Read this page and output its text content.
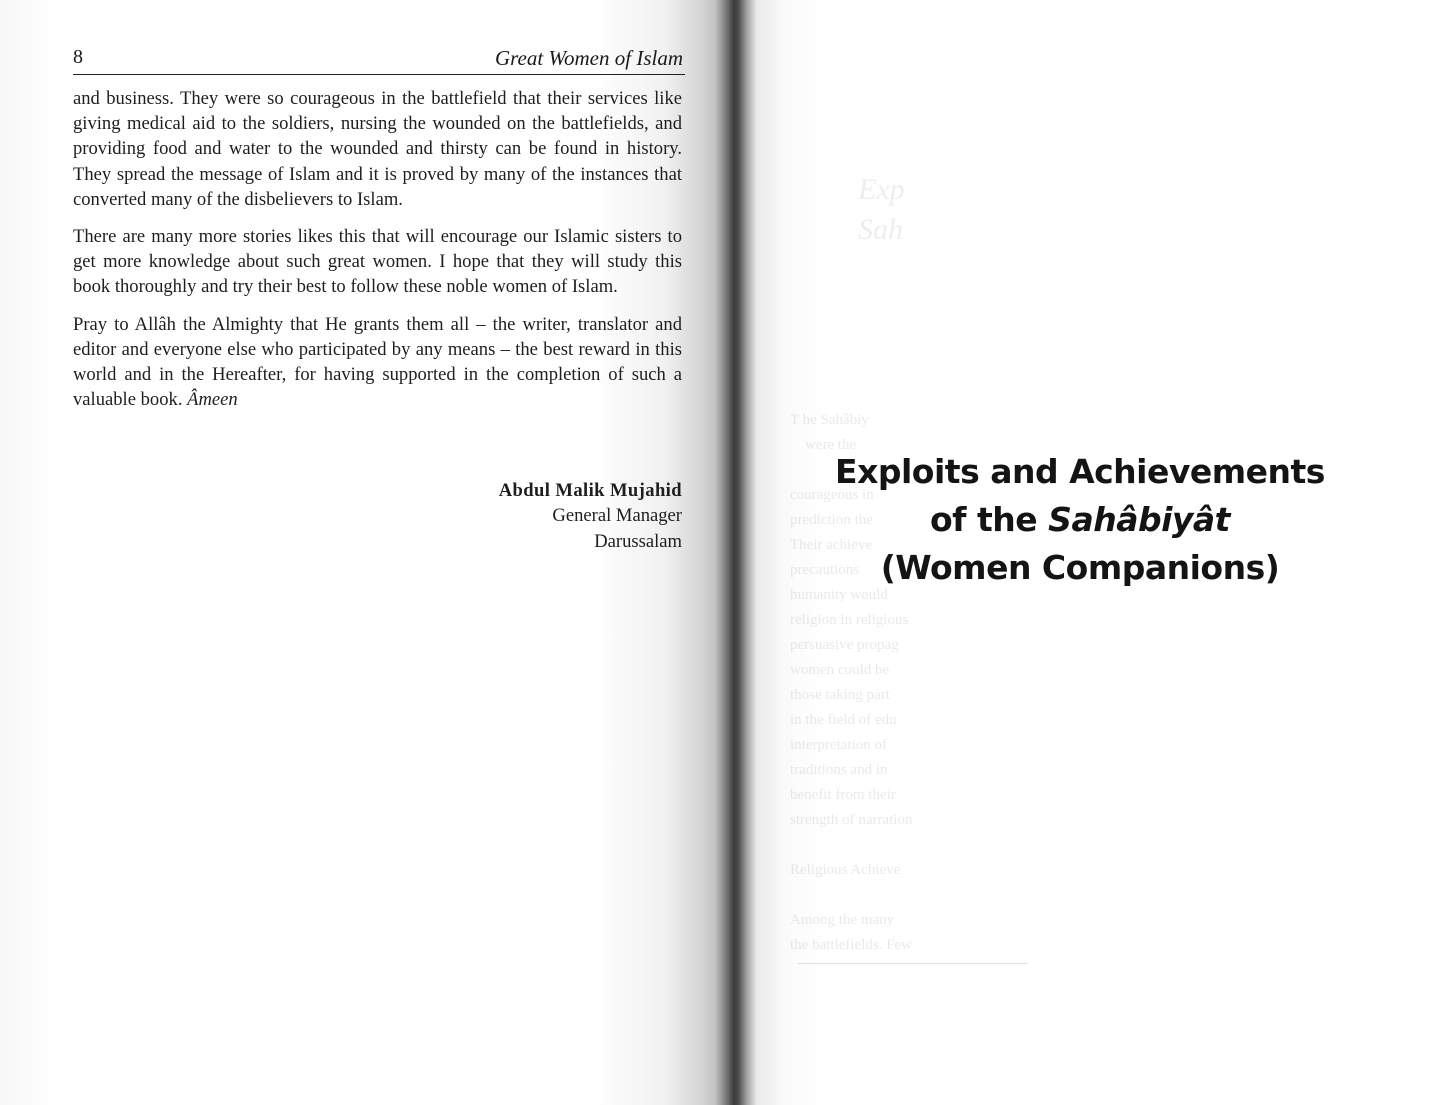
8	Great Women of Islam

and business. They were so courageous in the battlefield that their services like giving medical aid to the soldiers, nursing the wounded on the battlefields, and providing food and water to the wounded and thirsty can be found in history. They spread the message of Islam and it is proved by many of the instances that converted many of the disbelievers to Islam.

There are many more stories likes this that will encourage our Islamic sisters to get more knowledge about such great women. I hope that they will study this book thoroughly and try their best to follow these noble women of Islam.

Pray to Allâh the Almighty that He grants them all – the writer, translator and editor and everyone else who participated by any means – the best reward in this world and in the Hereafter, for having supported in the completion of such a valuable book. Âmeen

Abdul Malik Mujahid
General Manager
Darussalam
Exp
Sah
T he Sahâbiy
were the

courageous in
prediction the
Their achieve
precautions
humanity would
religion in religious
persuasive propag
women could be
those taking part
in the field of edu
interpretation of
traditions and in
benefit from their
strength of narration

Religious Achieve

Among the many
the battlefields. Few
Exploits and Achievements
of the Sahâbiyât
(Women Companions)
